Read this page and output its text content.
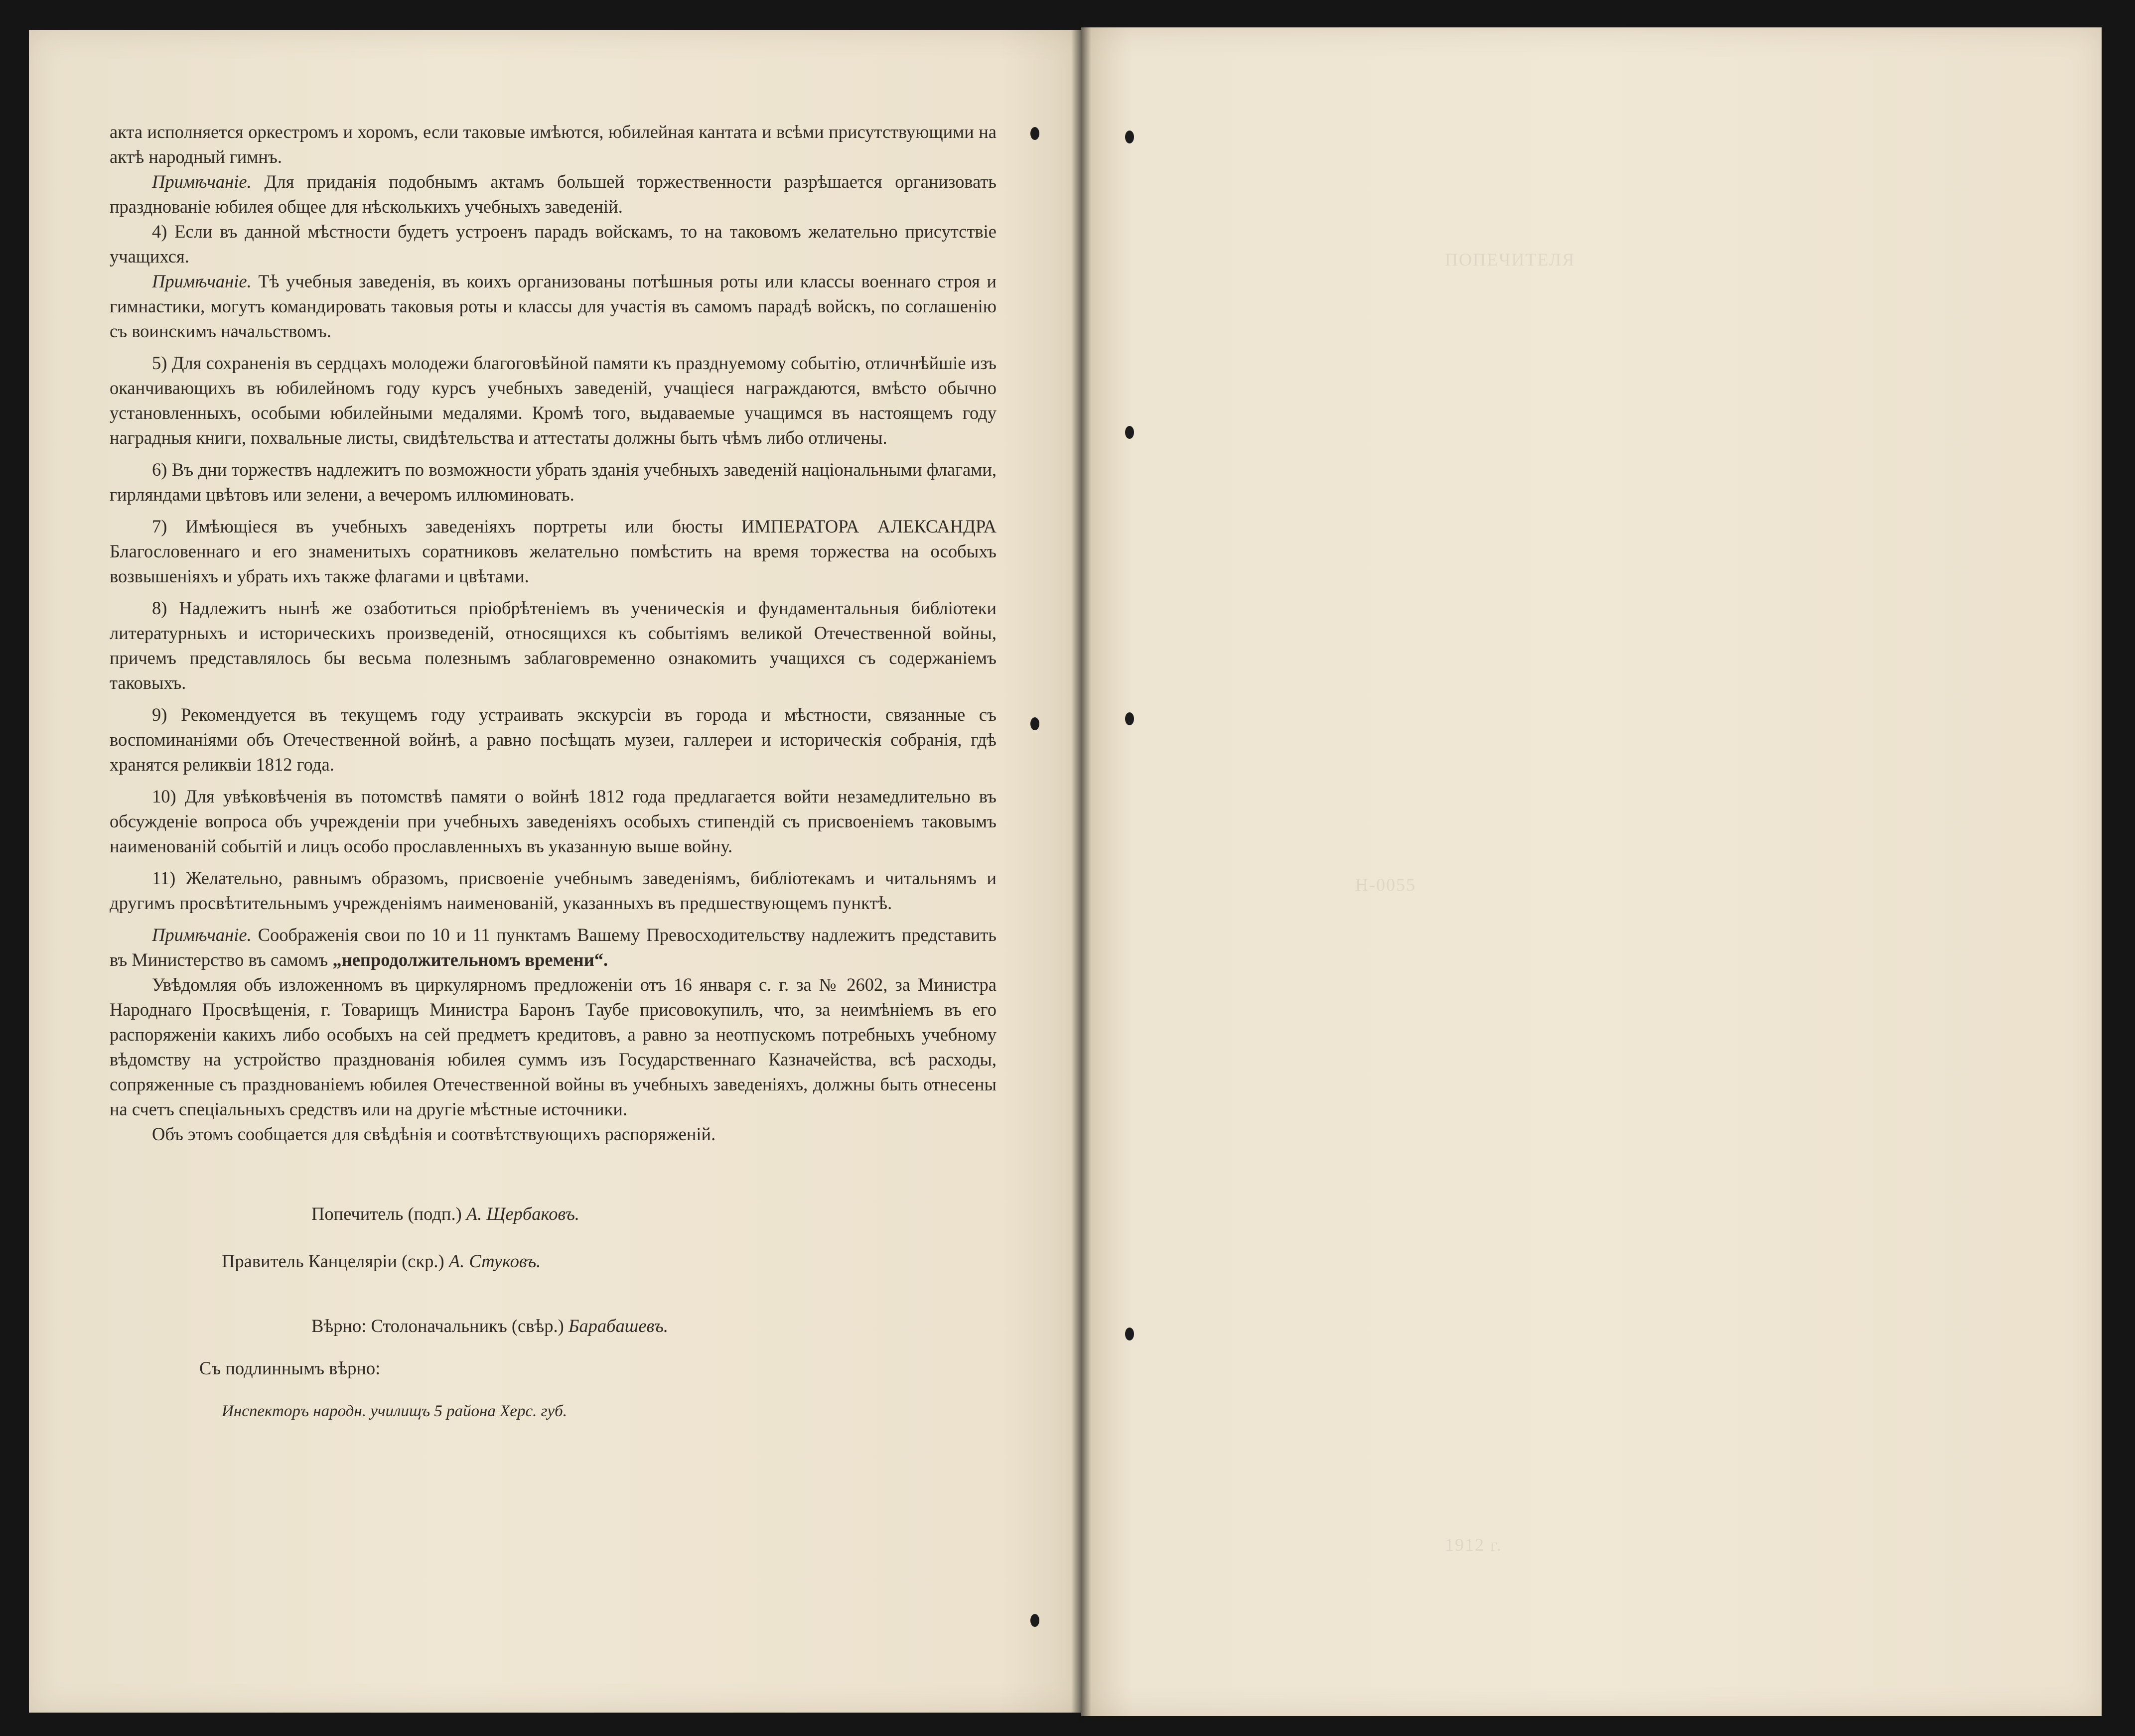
ПОПЕЧИТЕЛЯ
Н-0055
1912 г.

акта исполняется оркестромъ и хоромъ, если таковые имѣются, юбилейная кантата и всѣми присутствующими на актѣ народный гимнъ.

Примѣчаніе. Для приданія подобнымъ актамъ большей торжественности разрѣшается организовать празднованіе юбилея общее для нѣсколькихъ учебныхъ заведеній.

4) Если въ данной мѣстности будетъ устроенъ парадъ войскамъ, то на таковомъ желательно присутствіе учащихся.

Примѣчаніе. Тѣ учебныя заведенія, въ коихъ организованы потѣшныя роты или классы военнаго строя и гимнастики, могутъ командировать таковыя роты и классы для участія въ самомъ парадѣ войскъ, по соглашенію съ воинскимъ начальствомъ.

5) Для сохраненія въ сердцахъ молодежи благоговѣйной памяти къ празднуемому событію, отличнѣйшіе изъ оканчивающихъ въ юбилейномъ году курсъ учебныхъ заведеній, учащіеся награждаются, вмѣсто обычно установленныхъ, особыми юбилейными медалями. Кромѣ того, выдаваемые учащимся въ настоящемъ году наградныя книги, похвальные листы, свидѣтельства и аттестаты должны быть чѣмъ либо отличены.

6) Въ дни торжествъ надлежитъ по возможности убрать зданія учебныхъ заведеній національными флагами, гирляндами цвѣтовъ или зелени, а вечеромъ иллюминовать.

7) Имѣющіеся въ учебныхъ заведеніяхъ портреты или бюсты ИМПЕРАТОРА АЛЕКСАНДРА Благословеннаго и его знаменитыхъ соратниковъ желательно помѣстить на время торжества на особыхъ возвышеніяхъ и убрать ихъ также флагами и цвѣтами.

8) Надлежитъ нынѣ же озаботиться пріобрѣтеніемъ въ ученическія и фундаментальныя библіотеки литературныхъ и историческихъ произведеній, относящихся къ событіямъ великой Отечественной войны, причемъ представлялось бы весьма полезнымъ заблаговременно ознакомить учащихся съ содержаніемъ таковыхъ.

9) Рекомендуется въ текущемъ году устраивать экскурсіи въ города и мѣстности, связанные съ воспоминаніями объ Отечественной войнѣ, а равно посѣщать музеи, галлереи и историческія собранія, гдѣ хранятся реликвіи 1812 года.

10) Для увѣковѣченія въ потомствѣ памяти о войнѣ 1812 года предлагается войти незамедлительно въ обсужденіе вопроса объ учрежденіи при учебныхъ заведеніяхъ особыхъ стипендій съ присвоеніемъ таковымъ наименованій событій и лицъ особо прославленныхъ въ указанную выше войну.

11) Желательно, равнымъ образомъ, присвоеніе учебнымъ заведеніямъ, библіотекамъ и читальнямъ и другимъ просвѣтительнымъ учрежденіямъ наименованій, указанныхъ въ предшествующемъ пунктѣ.

Примѣчаніе. Соображенія свои по 10 и 11 пунктамъ Вашему Превосходительству надлежитъ представить въ Министерство въ самомъ „непродолжительномъ времени“.

Увѣдомляя объ изложенномъ въ циркулярномъ предложеніи отъ 16 января с. г. за № 2602, за Министра Народнаго Просвѣщенія, г. Товарищъ Министра Баронъ Таубе присовокупилъ, что, за неимѣніемъ въ его распоряженіи какихъ либо особыхъ на сей предметъ кредитовъ, а равно за неотпускомъ потребныхъ учебному вѣдомству на устройство празднованія юбилея суммъ изъ Государственнаго Казначейства, всѣ расходы, сопряженные съ празднованіемъ юбилея Отечественной войны въ учебныхъ заведеніяхъ, должны быть отнесены на счетъ спеціальныхъ средствъ или на другіе мѣстные источники.

Объ этомъ сообщается для свѣдѣнія и соотвѣтствующихъ распоряженій.

Попечитель (подп.) А. Щербаковъ.
Правитель Канцеляріи (скр.) А. Стуковъ.
Вѣрно: Столоначальникъ (свѣр.) Барабашевъ.
Съ подлиннымъ вѣрно:
Инспекторъ народн. училищъ 5 района Херс. губ.
